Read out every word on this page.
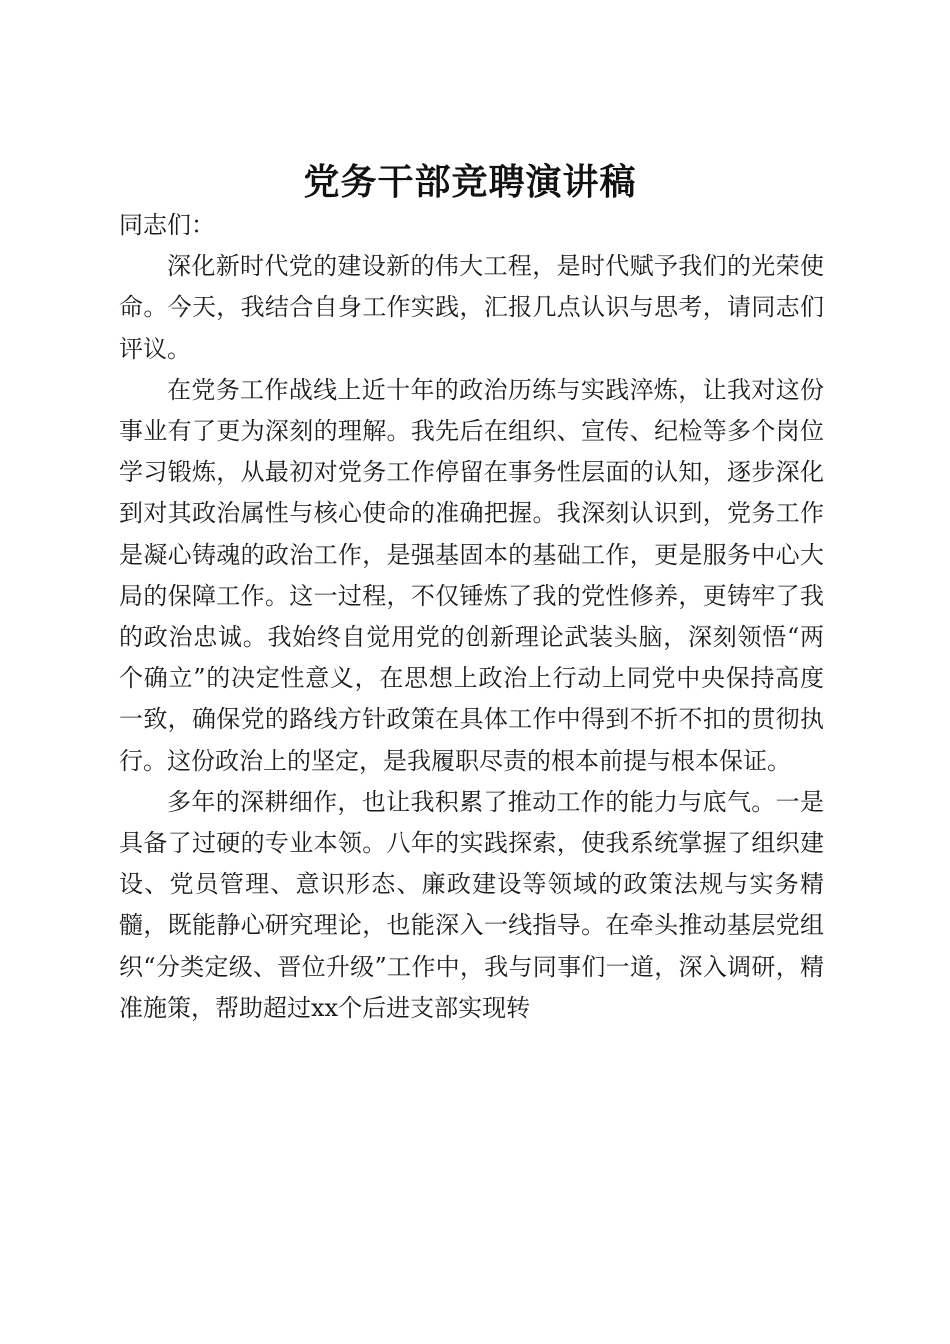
党务干部竞聘演讲稿

同志们：

深化新时代党的建设新的伟大工程，是时代赋予我们的光荣使命。今天，我结合自身工作实践，汇报几点认识与思考，请同志们评议。

在党务工作战线上近十年的政治历练与实践淬炼，让我对这份事业有了更为深刻的理解。我先后在组织、宣传、纪检等多个岗位学习锻炼，从最初对党务工作停留在事务性层面的认知，逐步深化到对其政治属性与核心使命的准确把握。我深刻认识到，党务工作是凝心铸魂的政治工作，是强基固本的基础工作，更是服务中心大局的保障工作。这一过程，不仅锤炼了我的党性修养，更铸牢了我的政治忠诚。我始终自觉用党的创新理论武装头脑，深刻领悟“两个确立”的决定性意义，在思想上政治上行动上同党中央保持高度一致，确保党的路线方针政策在具体工作中得到不折不扣的贯彻执行。这份政治上的坚定，是我履职尽责的根本前提与根本保证。

多年的深耕细作，也让我积累了推动工作的能力与底气。一是具备了过硬的专业本领。八年的实践探索，使我系统掌握了组织建设、党员管理、意识形态、廉政建设等领域的政策法规与实务精髓，既能静心研究理论，也能深入一线指导。在牵头推动基层党组织“分类定级、晋位升级”工作中，我与同事们一道，深入调研，精准施策，帮助超过xx个后进支部实现转
